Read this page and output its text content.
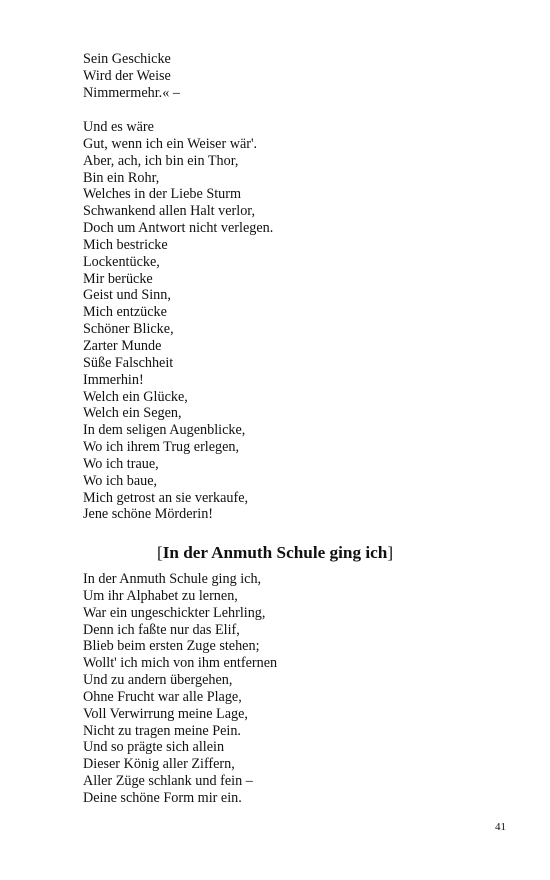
Sein Geschicke
Wird der Weise
Nimmermehr.« –
Und es wäre
Gut, wenn ich ein Weiser wär'.
Aber, ach, ich bin ein Thor,
Bin ein Rohr,
Welches in der Liebe Sturm
Schwankend allen Halt verlor,
Doch um Antwort nicht verlegen.
Mich bestricke
Lockentücke,
Mir berücke
Geist und Sinn,
Mich entzücke
Schöner Blicke,
Zarter Munde
Süße Falschheit
Immerhin!
Welch ein Glücke,
Welch ein Segen,
In dem seligen Augenblicke,
Wo ich ihrem Trug erlegen,
Wo ich traue,
Wo ich baue,
Mich getrost an sie verkaufe,
Jene schöne Mörderin!
[In der Anmuth Schule ging ich]
In der Anmuth Schule ging ich,
Um ihr Alphabet zu lernen,
War ein ungeschickter Lehrling,
Denn ich faßte nur das Elif,
Blieb beim ersten Zuge stehen;
Wollt' ich mich von ihm entfernen
Und zu andern übergehen,
Ohne Frucht war alle Plage,
Voll Verwirrung meine Lage,
Nicht zu tragen meine Pein.
Und so prägte sich allein
Dieser König aller Ziffern,
Aller Züge schlank und fein –
Deine schöne Form mir ein.
41
